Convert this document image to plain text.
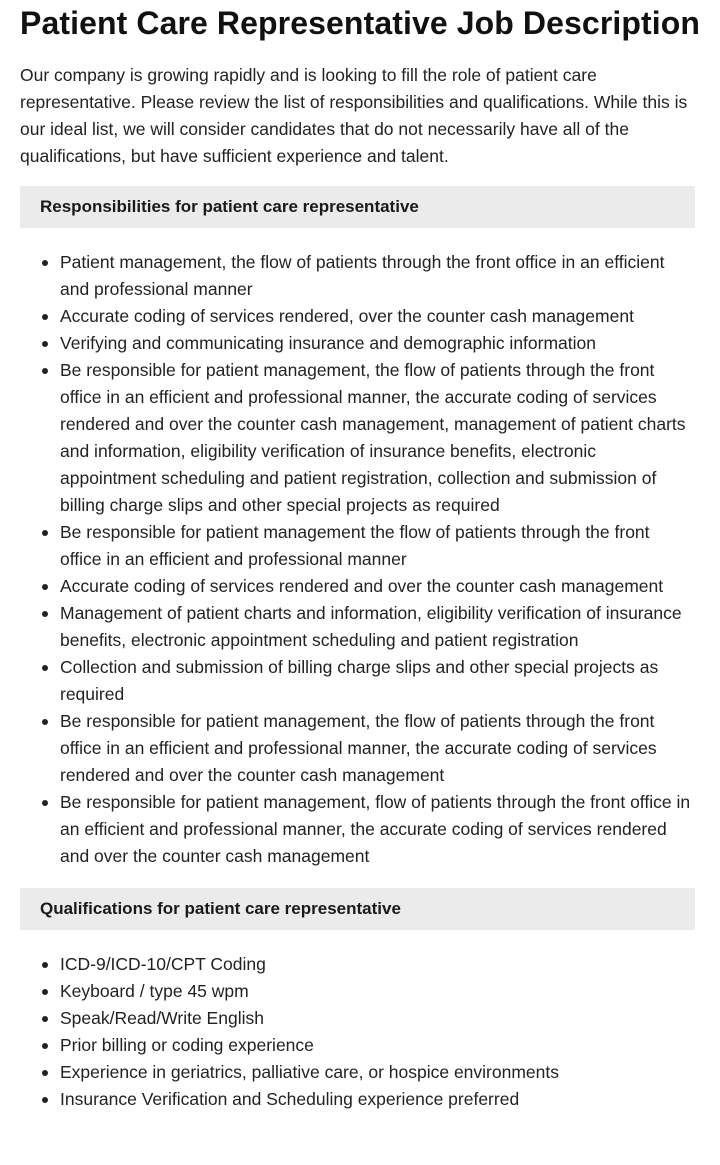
Patient Care Representative Job Description

Our company is growing rapidly and is looking to fill the role of patient care representative. Please review the list of responsibilities and qualifications. While this is our ideal list, we will consider candidates that do not necessarily have all of the qualifications, but have sufficient experience and talent.

Responsibilities for patient care representative
Patient management, the flow of patients through the front office in an efficient and professional manner
Accurate coding of services rendered, over the counter cash management
Verifying and communicating insurance and demographic information
Be responsible for patient management, the flow of patients through the front office in an efficient and professional manner, the accurate coding of services rendered and over the counter cash management, management of patient charts and information, eligibility verification of insurance benefits, electronic appointment scheduling and patient registration, collection and submission of billing charge slips and other special projects as required
Be responsible for patient management the flow of patients through the front office in an efficient and professional manner
Accurate coding of services rendered and over the counter cash management
Management of patient charts and information, eligibility verification of insurance benefits, electronic appointment scheduling and patient registration
Collection and submission of billing charge slips and other special projects as required
Be responsible for patient management, the flow of patients through the front office in an efficient and professional manner, the accurate coding of services rendered and over the counter cash management
Be responsible for patient management, flow of patients through the front office in an efficient and professional manner, the accurate coding of services rendered and over the counter cash management
Qualifications for patient care representative
ICD-9/ICD-10/CPT Coding
Keyboard / type 45 wpm
Speak/Read/Write English
Prior billing or coding experience
Experience in geriatrics, palliative care, or hospice environments
Insurance Verification and Scheduling experience preferred
